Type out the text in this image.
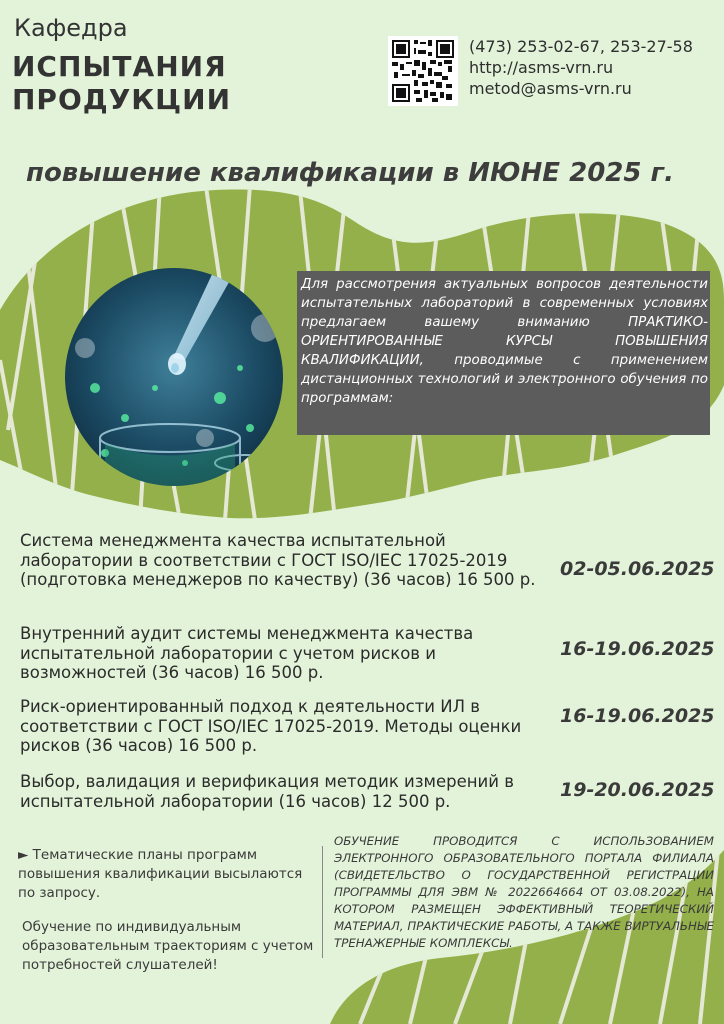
Кафедра
ИСПЫТАНИЯ
ПРОДУКЦИИ
(473) 253-02-67, 253-27-58
http://asms-vrn.ru
metod@asms-vrn.ru
повышение квалификации в ИЮНЕ 2025 г.

Для рассмотрения актуальных вопросов деятельности испытательных лабораторий в современных условиях предлагаем вашему вниманию ПРАКТИКО-ОРИЕНТИРОВАННЫЕ КУРСЫ ПОВЫШЕНИЯ КВАЛИФИКАЦИИ, проводимые с применением дистанционных технологий и электронного обучения по программам:

Система менеджмента качества испытательной лаборатории в соответствии с ГОСТ ISO/IEC 17025-2019 (подготовка менеджеров по качеству) (36 часов) 16 500 р. 02-05.06.2025
Внутренний аудит системы менеджмента качества испытательной лаборатории с учетом рисков и возможностей (36 часов) 16 500 р.
16-19.06.2025
Риск-ориентированный подход к деятельности ИЛ в соответствии с ГОСТ ISO/IEC 17025-2019. Методы оценки рисков (36 часов) 16 500 р.
16-19.06.2025
Выбор, валидация и верификация методик измерений в испытательной лаборатории (16 часов) 12 500 р.	19-20.06.2025
► Тематические планы программ повышения квалификации высылаются по запросу.
Обучение по индивидуальным образовательным траекториям с учетом потребностей слушателей!
ОБУЧЕНИЕ ПРОВОДИТСЯ С ИСПОЛЬЗОВАНИЕМ ЭЛЕКТРОННОГО ОБРАЗОВАТЕЛЬНОГО ПОРТАЛА ФИЛИАЛА (СВИДЕТЕЛЬСТВО О ГОСУДАРСТВЕННОЙ РЕГИСТРАЦИИ ПРОГРАММЫ ДЛЯ ЭВМ № 2022664664 ОТ 03.08.2022), НА КОТОРОМ РАЗМЕЩЕН ЭФФЕКТИВНЫЙ ТЕОРЕТИЧЕСКИЙ МАТЕРИАЛ, ПРАКТИЧЕСКИЕ РАБОТЫ, А ТАКЖЕ ВИРТУАЛЬНЫЕ ТРЕНАЖЕРНЫЕ КОМПЛЕКСЫ.
